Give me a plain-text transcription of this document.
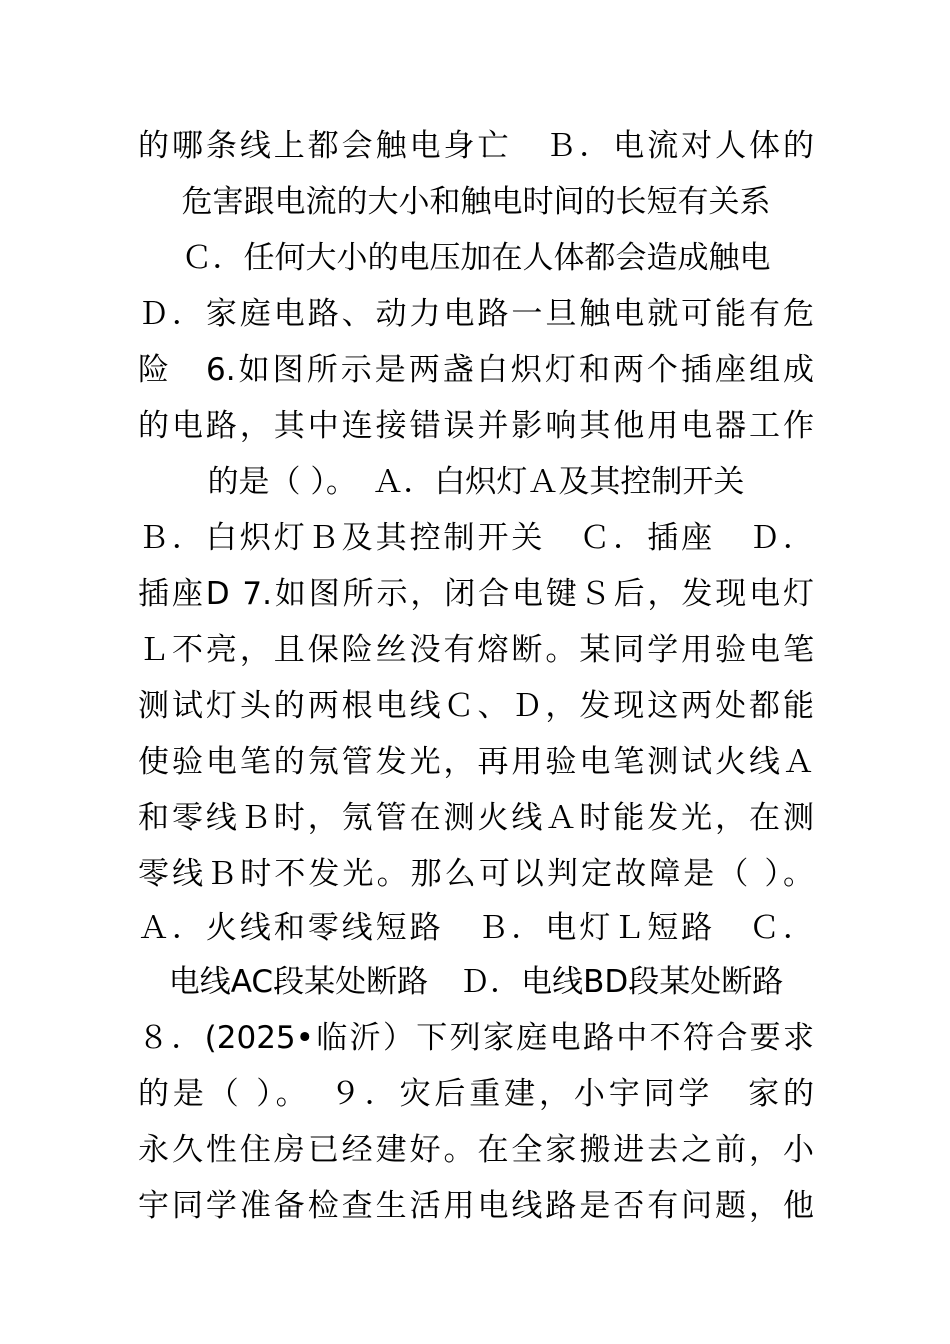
的哪条线上都会触电身亡　Ｂ．电流对人体的
危害跟电流的大小和触电时间的长短有关系
Ｃ．任何大小的电压加在人体都会造成触电
Ｄ．家庭电路、动力电路一旦触电就可能有危
险　6.如图所示是两盏白炽灯和两个插座组成
的电路，其中连接错误并影响其他用电器工作
的是（ ）。　Ａ．白炽灯Ａ及其控制开关
Ｂ．白炽灯Ｂ及其控制开关　Ｃ．插座　Ｄ．
插座D 7.如图所示，闭合电键Ｓ后，发现电灯
Ｌ不亮，且保险丝没有熔断。某同学用验电笔
测试灯头的两根电线Ｃ、Ｄ，发现这两处都能
使验电笔的氖管发光，再用验电笔测试火线Ａ
和零线Ｂ时，氖管在测火线Ａ时能发光，在测
零线Ｂ时不发光。那么可以判定故障是（ ）。
Ａ．火线和零线短路　Ｂ．电灯Ｌ短路　Ｃ．
电线AC段某处断路　Ｄ．电线BD段某处断路
８．(2025•临沂）下列家庭电路中不符合要求
的是（ ）。　９．灾后重建，小宇同学　家的
永久性住房已经建好。在全家搬进去之前，小
宇同学准备检查生活用电线路是否有问题，他
